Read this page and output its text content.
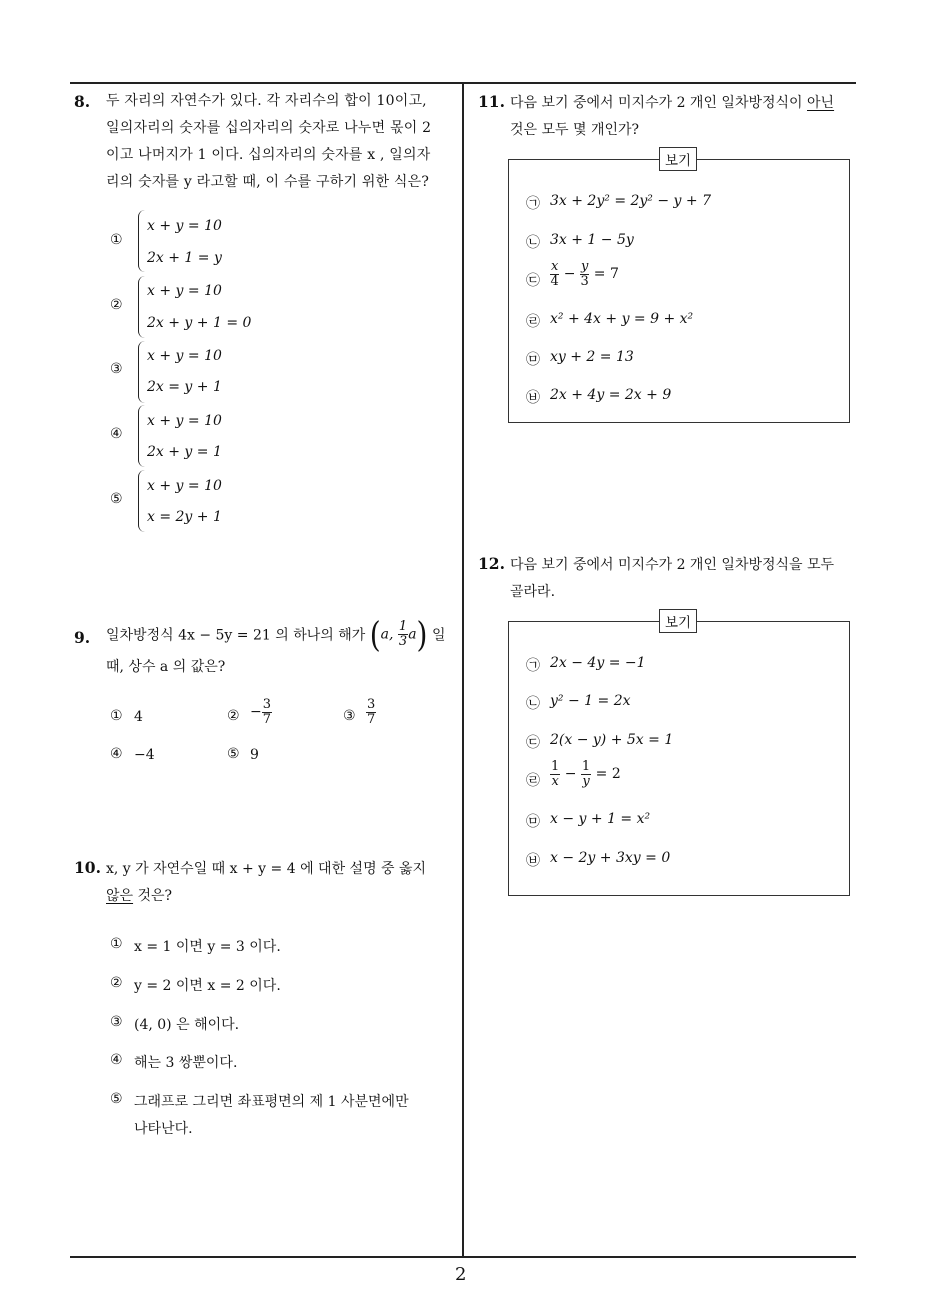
2
8. 두 자리의 자연수가 있다. 각 자리수의 합이 10이고,
일의자리의 숫자를 십의자리의 숫자로 나누면 몫이 2
이고 나머지가 1 이다. 십의자리의 숫자를 x , 일의자
리의 숫자를 y 라고할 때, 이 수를 구하기 위한 식은?
①
x + y = 10
2x + 1 = y
②
x + y = 10
2x + y + 1 = 0
③
x + y = 10
2x = y + 1
④
x + y = 10
2x + y = 1
⑤
x + y = 10
x = 2y + 1
9. 일차방정식 4x − 5y = 21 의 하나의 해가 (a, $\frac{1}{3} a$) 일
때, 상수 a 의 값은?
① 4	② − $\frac{3}{7}$	③ $\frac{3}{7}$
④ −4	⑤ 9
10. x, y 가 자연수일 때 x + y = 4 에 대한 설명 중 옳지
않은 것은?
① x = 1 이면 y = 3 이다.
② y = 2 이면 x = 2 이다.
③ (4, 0) 은 해이다.
④ 해는 3 쌍뿐이다.
⑤ 그래프로 그리면 좌표평면의 제 1 사분면에만
나타난다.
11. 다음 보기 중에서 미지수가 2 개인 일차방정식이 아닌
것은 모두 몇 개인가?
보기
㉠ 3x + 2y² = 2y² − y + 7
㉡ 3x + 1 − 5y
㉢ $\frac{x}{4} - \frac{y}{3} = 7$
㉣ x² + 4x + y = 9 + x²
㉤ xy + 2 = 13
㉥ 2x + 4y = 2x + 9
12. 다음 보기 중에서 미지수가 2 개인 일차방정식을 모두
골라라.
보기
㉠ 2x − 4y = −1
㉡ y² − 1 = 2x
㉢ 2(x − y) + 5x = 1
㉣ $\frac{1}{x} - \frac{1}{y} = 2$
㉤ x − y + 1 = x²
㉥ x − 2y + 3xy = 0
